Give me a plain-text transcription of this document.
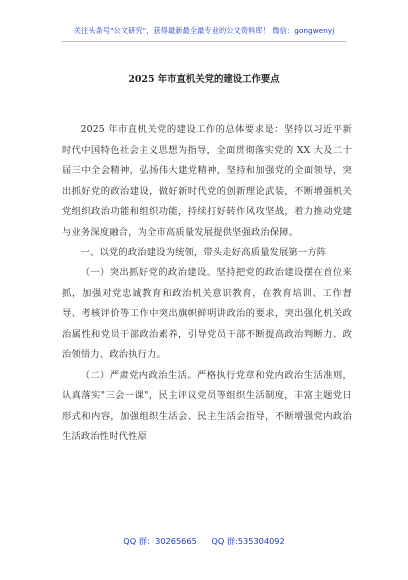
关注头条号"公文研究"，获得最新最全最专业的公文资料库！ 微信：gongwenyj
2025 年市直机关党的建设工作要点

2025 年市直机关党的建设工作的总体要求是：坚持以习近平新时代中国特色社会主义思想为指导，全面贯彻落实党的 XX 大及二十届三中全会精神，弘扬伟大建党精神，坚持和加强党的全面领导，突出抓好党的政治建设，做好新时代党的创新理论武装，不断增强机关党组织政治功能和组织功能，持续打好转作风攻坚战，着力推动党建与业务深度融合，为全市高质量发展提供坚强政治保障。

一、以党的政治建设为统领，带头走好高质量发展第一方阵

（一）突出抓好党的政治建设。坚持把党的政治建设摆在首位来抓，加强对党忠诚教育和政治机关意识教育，在教育培训、工作督导、考核评价等工作中突出旗帜鲜明讲政治的要求，突出强化机关政治属性和党员干部政治素养，引导党员干部不断提高政治判断力、政治领悟力、政治执行力。

（二）严肃党内政治生活。严格执行党章和党内政治生活准则，认真落实"三会一课"，民主评议党员等组织生活制度，丰富主题党日形式和内容，加强组织生活会、民主生活会指导，不断增强党内政治生活政治性时代性原

QQ 群：30265665 QQ 群:535304092
